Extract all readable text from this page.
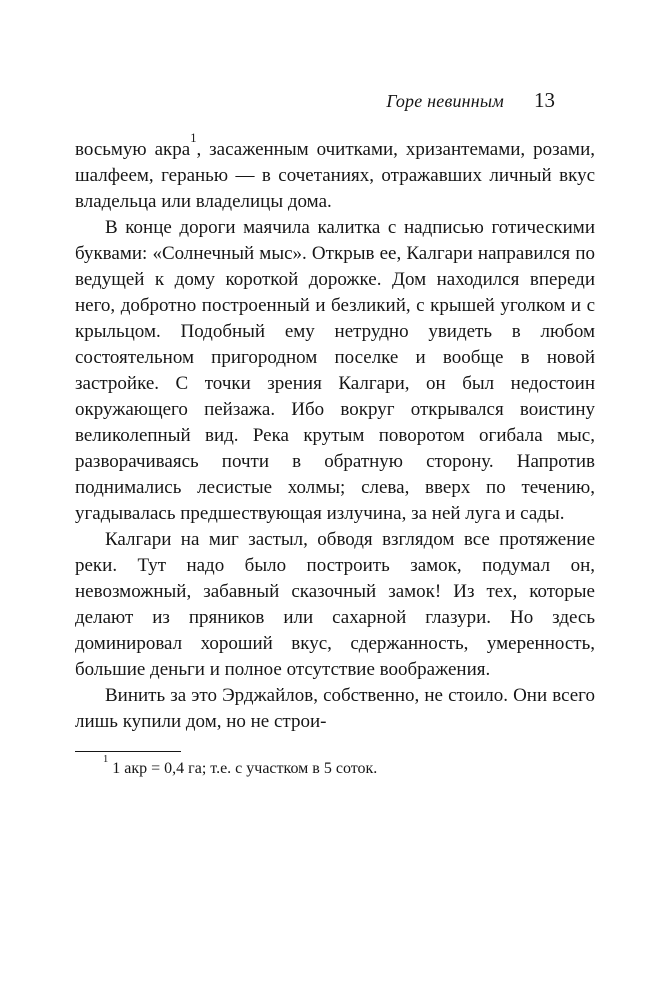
Горе невинным 13

восьмую акра$^1$, засаженным очитками, хризантемами, розами, шалфеем, геранью — в сочетаниях, отражавших личный вкус владельца или владелицы дома.

В конце дороги маячила калитка с надписью готическими буквами: «Солнечный мыс». Открыв ее, Калгари направился по ведущей к дому короткой дорожке. Дом находился впереди него, добротно построенный и безликий, с крышей уголком и с крыльцом. Подобный ему нетрудно увидеть в любом состоятельном пригородном поселке и вообще в новой застройке. С точки зрения Калгари, он был недостоин окружающего пейзажа. Ибо вокруг открывался воистину великолепный вид. Река крутым поворотом огибала мыс, разворачиваясь почти в обратную сторону. Напротив поднимались лесистые холмы; слева, вверх по течению, угадывалась предшествующая излучина, за ней луга и сады.

Калгари на миг застыл, обводя взглядом все протяжение реки. Тут надо было построить замок, подумал он, невозможный, забавный сказочный замок! Из тех, которые делают из пряников или сахарной глазури. Но здесь доминировал хороший вкус, сдержанность, умеренность, большие деньги и полное отсутствие воображения.

Винить за это Эрджайлов, собственно, не стоило. Они всего лишь купили дом, но не строи-

$^1$ 1 акр = 0,4 га; т.е. с участком в 5 соток.
